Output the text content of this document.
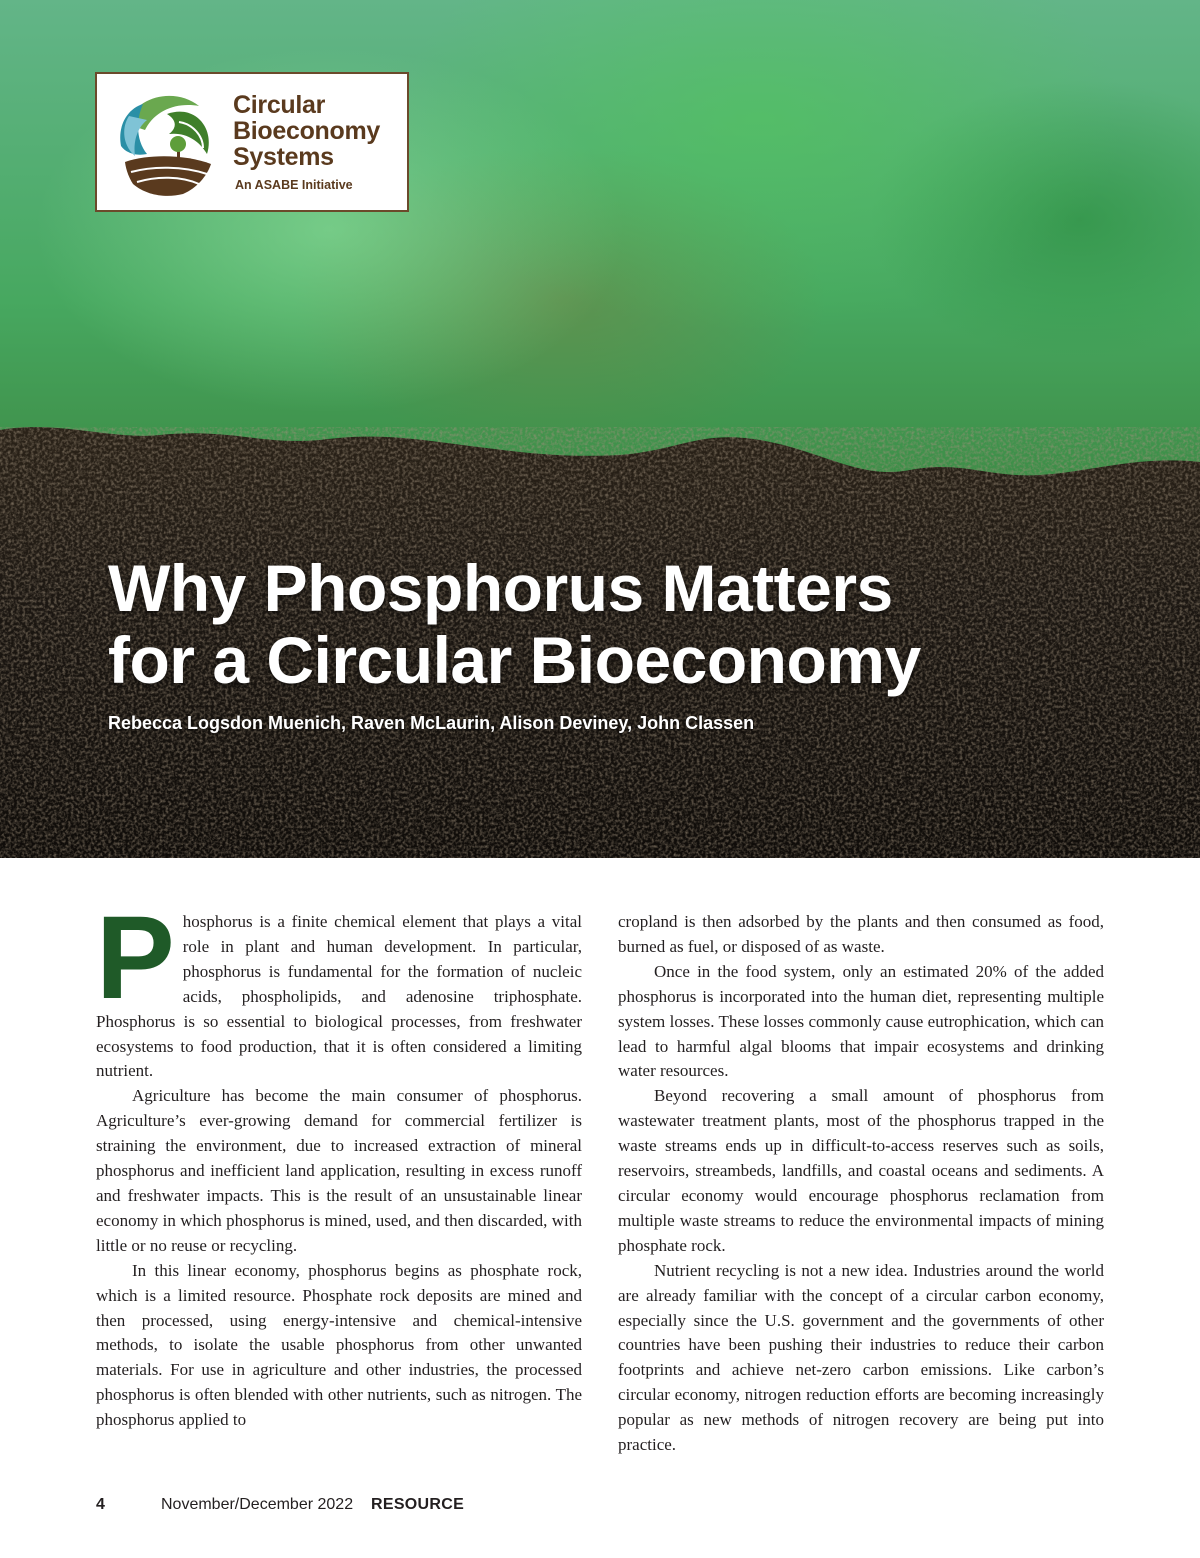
Circular
Bioeconomy
Systems
An ASABE Initiative
Why Phosphorus Matters
for a Circular Bioeconomy
Rebecca Logsdon Muenich, Raven McLaurin, Alison Deviney, John Classen

Phosphorus is a finite chemical element that plays a vital role in plant and human development. In particular, phosphorus is fundamental for the formation of nucleic acids, phospholipids, and adenosine triphosphate. Phosphorus is so essential to biological processes, from freshwater ecosystems to food production, that it is often considered a limiting nutrient.

Agriculture has become the main consumer of phosphorus. Agriculture’s ever-growing demand for commercial fertilizer is straining the environment, due to increased extraction of mineral phosphorus and inefficient land application, resulting in excess runoff and freshwater impacts. This is the result of an unsustainable linear economy in which phosphorus is mined, used, and then discarded, with little or no reuse or recycling.

In this linear economy, phosphorus begins as phosphate rock, which is a limited resource. Phosphate rock deposits are mined and then processed, using energy-intensive and chemical-intensive methods, to isolate the usable phosphorus from other unwanted materials. For use in agriculture and other industries, the processed phosphorus is often blended with other nutrients, such as nitrogen. The phosphorus applied to

cropland is then adsorbed by the plants and then consumed as food, burned as fuel, or disposed of as waste.

Once in the food system, only an estimated 20% of the added phosphorus is incorporated into the human diet, representing multiple system losses. These losses commonly cause eutrophication, which can lead to harmful algal blooms that impair ecosystems and drinking water resources.

Beyond recovering a small amount of phosphorus from wastewater treatment plants, most of the phosphorus trapped in the waste streams ends up in difficult-to-access reserves such as soils, reservoirs, streambeds, landfills, and coastal oceans and sediments. A circular economy would encourage phosphorus reclamation from multiple waste streams to reduce the environmental impacts of mining phosphate rock.

Nutrient recycling is not a new idea. Industries around the world are already familiar with the concept of a circular carbon economy, especially since the U.S. government and the governments of other countries have been pushing their industries to reduce their carbon footprints and achieve net-zero carbon emissions. Like carbon’s circular economy, nitrogen reduction efforts are becoming increasingly popular as new methods of nitrogen recovery are being put into practice.

4	November/December 2022 RESOURCE
